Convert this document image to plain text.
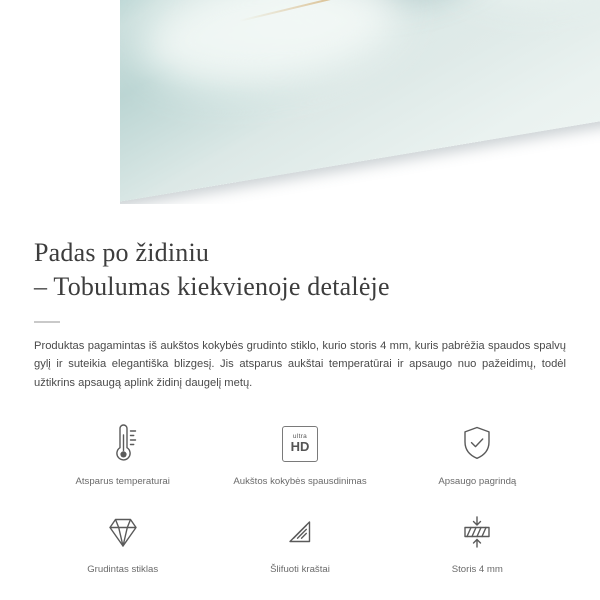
Padas po židiniu
– Tobulumas kiekvienoje detalėje

Produktas pagamintas iš aukštos kokybės grudinto stiklo, kurio storis 4 mm, kuris pabrėžia spaudos spalvų gylį ir suteikia elegantiška blizgesį. Jis atsparus aukštai temperatūrai ir apsaugo nuo pažeidimų, todėl užtikrins apsaugą aplink židinį daugelį metų.

Atsparus temperaturai
ultra
HD
Aukštos kokybės spausdinimas	Apsaugo pagrindą
Grudintas stiklas	Šlifuoti kraštai	Storis 4 mm
